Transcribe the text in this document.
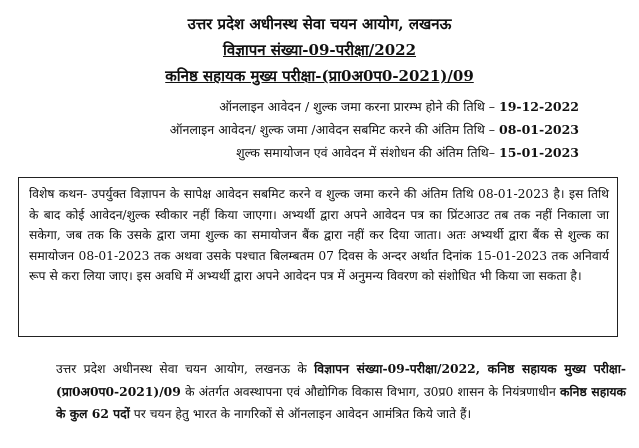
उत्तर प्रदेश अधीनस्थ सेवा चयन आयोग, लखनऊ
विज्ञापन संख्या-09-परीक्षा/2022
कनिष्ठ सहायक मुख्य परीक्षा-(प्रा0अ0प0-2021)/09
ऑनलाइन आवेदन / शुल्क जमा करना प्रारम्भ होने की तिथि – 19-12-2022
ऑनलाइन आवेदन/ शुल्क जमा /आवेदन सबमिट करने की अंतिम तिथि – 08-01-2023
शुल्क समायोजन एवं आवेदन में संशोधन की अंतिम तिथि– 15-01-2023

विशेष कथन- उपर्युक्त विज्ञापन के सापेक्ष आवेदन सबमिट करने व शुल्क जमा करने की अंतिम तिथि 08-01-2023 है। इस तिथि के बाद कोई आवेदन/शुल्क स्वीकार नहीं किया जाएगा। अभ्यर्थी द्वारा अपने आवेदन पत्र का प्रिंटआउट तब तक नहीं निकाला जा सकेगा, जब तक कि उसके द्वारा जमा शुल्क का समायोजन बैंक द्वारा नहीं कर दिया जाता। अतः अभ्यर्थी द्वारा बैंक से शुल्क का समायोजन 08-01-2023 तक अथवा उसके पश्चात बिलम्बतम 07 दिवस के अन्दर अर्थात दिनांक 15-01-2023 तक अनिवार्य रूप से करा लिया जाए। इस अवधि में अभ्यर्थी द्वारा अपने आवेदन पत्र में अनुमन्य विवरण को संशोधित भी किया जा सकता है।

उत्तर प्रदेश अधीनस्थ सेवा चयन आयोग, लखनऊ के विज्ञापन संख्या-09-परीक्षा/2022, कनिष्ठ सहायक मुख्य परीक्षा-(प्रा0अ0प0-2021)/09 के अंतर्गत अवस्थापना एवं औद्योगिक विकास विभाग, उ0प्र0 शासन के नियंत्रणाधीन कनिष्ठ सहायक के कुल 62 पदों पर चयन हेतु भारत के नागरिकों से ऑनलाइन आवेदन आमंत्रित किये जाते हैं।
